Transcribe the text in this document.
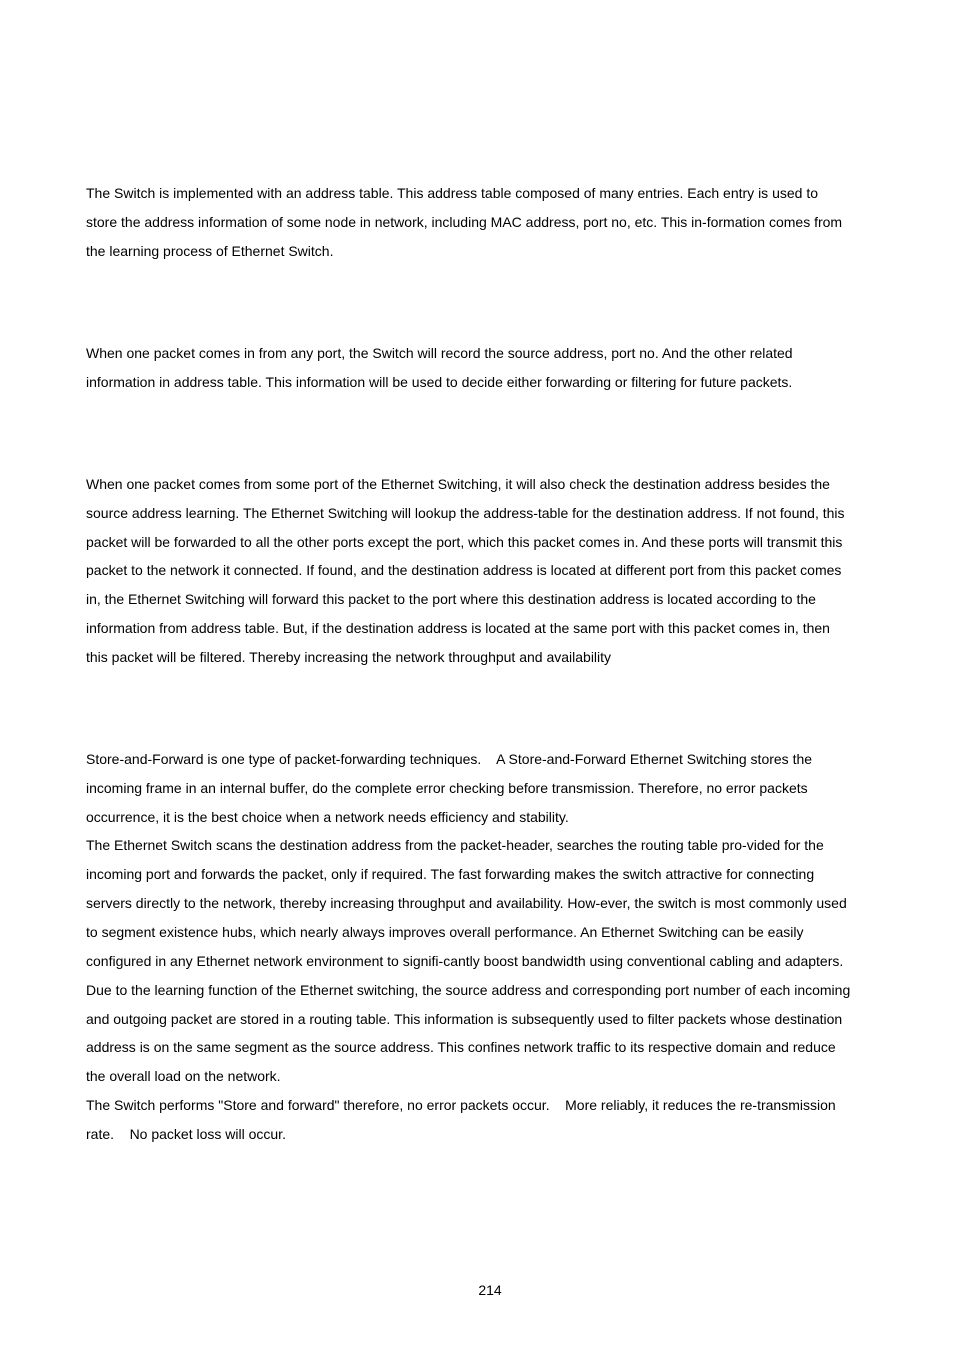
The Switch is implemented with an address table. This address table composed of many entries. Each entry is used to
store the address information of some node in network, including MAC address, port no, etc. This in-formation comes from
the learning process of Ethernet Switch.
When one packet comes in from any port, the Switch will record the source address, port no. And the other related
information in address table. This information will be used to decide either forwarding or filtering for future packets.
When one packet comes from some port of the Ethernet Switching, it will also check the destination address besides the
source address learning. The Ethernet Switching will lookup the address-table for the destination address. If not found, this
packet will be forwarded to all the other ports except the port, which this packet comes in. And these ports will transmit this
packet to the network it connected. If found, and the destination address is located at different port from this packet comes
in, the Ethernet Switching will forward this packet to the port where this destination address is located according to the
information from address table. But, if the destination address is located at the same port with this packet comes in, then
this packet will be filtered. Thereby increasing the network throughput and availability
Store-and-Forward is one type of packet-forwarding techniques.    A Store-and-Forward Ethernet Switching stores the
incoming frame in an internal buffer, do the complete error checking before transmission. Therefore, no error packets
occurrence, it is the best choice when a network needs efficiency and stability.
The Ethernet Switch scans the destination address from the packet-header, searches the routing table pro-vided for the
incoming port and forwards the packet, only if required. The fast forwarding makes the switch attractive for connecting
servers directly to the network, thereby increasing throughput and availability. How-ever, the switch is most commonly used
to segment existence hubs, which nearly always improves overall performance. An Ethernet Switching can be easily
configured in any Ethernet network environment to signifi-cantly boost bandwidth using conventional cabling and adapters.
Due to the learning function of the Ethernet switching, the source address and corresponding port number of each incoming
and outgoing packet are stored in a routing table. This information is subsequently used to filter packets whose destination
address is on the same segment as the source address. This confines network traffic to its respective domain and reduce
the overall load on the network.
The Switch performs "Store and forward" therefore, no error packets occur.    More reliably, it reduces the re-transmission
rate.    No packet loss will occur.
214
